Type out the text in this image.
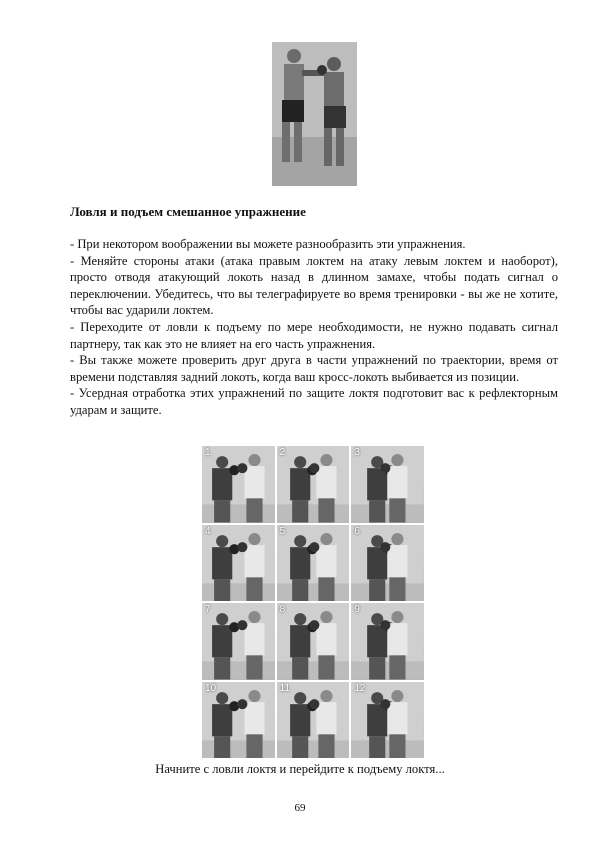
Ловля и подъем смешанное упражнение

- При некотором воображении вы можете разнообразить эти упражнения.

- Меняйте стороны атаки (атака правым локтем на атаку левым локтем и наоборот), просто отводя атакующий локоть назад в длинном замахе, чтобы подать сигнал о переключении. Убедитесь, что вы телеграфируете во время тренировки - вы же не хотите, чтобы вас ударили локтем.

- Переходите от ловли к подъему по мере необходимости, не нужно подавать сигнал партнеру, так как это не влияет на его часть упражнения.

- Вы также можете проверить друг друга в части упражнений по траектории, время от времени подставляя задний локоть, когда ваш кросс-локоть выбивается из позиции.

- Усердная отработка этих упражнений по защите локтя подготовит вас к рефлекторным ударам и защите.

1	2	3
4	5	6
7	8	9
10	11	12
Начните с ловли локтя и перейдите к подъему локтя...
69
